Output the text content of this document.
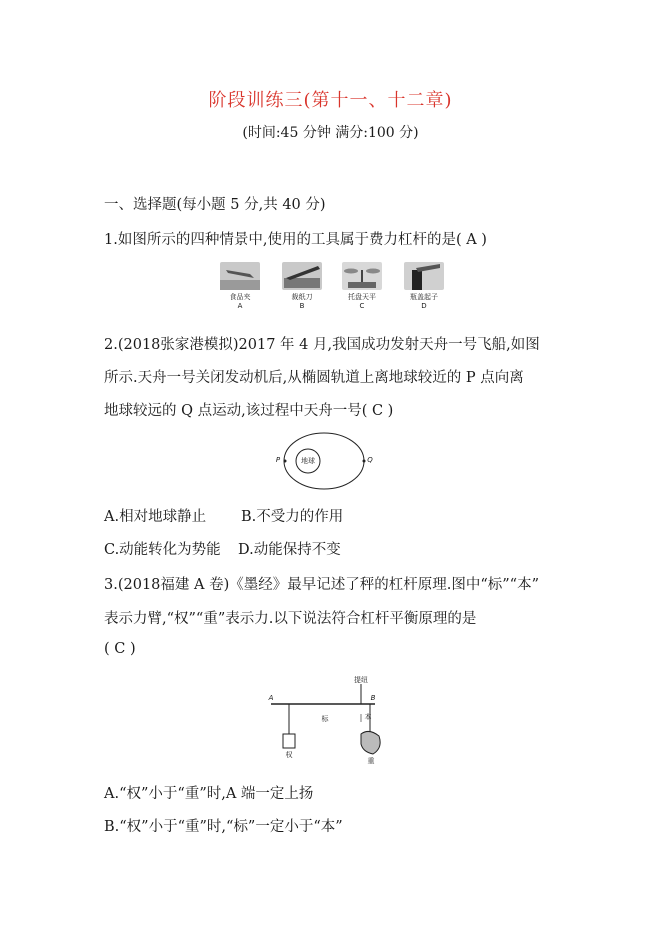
阶段训练三(第十一、十二章)
(时间:45 分钟 满分:100 分)
一、选择题(每小题 5 分,共 40 分)
1.如图所示的四种情景中,使用的工具属于费力杠杆的是( A )
食品夹
A
裁纸刀
B
托盘天平
C
瓶盖起子
D
2.(2018张家港模拟)2017 年 4 月,我国成功发射天舟一号飞船,如图
所示.天舟一号关闭发动机后,从椭圆轨道上离地球较近的 P 点向离
地球较远的 Q 点运动,该过程中天舟一号( C )
地球
P	Q
A.相对地球静止 B.不受力的作用
C.动能转化为势能 D.动能保持不变
3.(2018福建 A 卷)《墨经》最早记述了秤的杠杆原理.图中“标”“本”
表示力臂,“权”“重”表示力.以下说法符合杠杆平衡原理的是
( C )
A	B
提纽
标	本
权
重
A.“权”小于“重”时,A 端一定上扬
B.“权”小于“重”时,“标”一定小于“本”
